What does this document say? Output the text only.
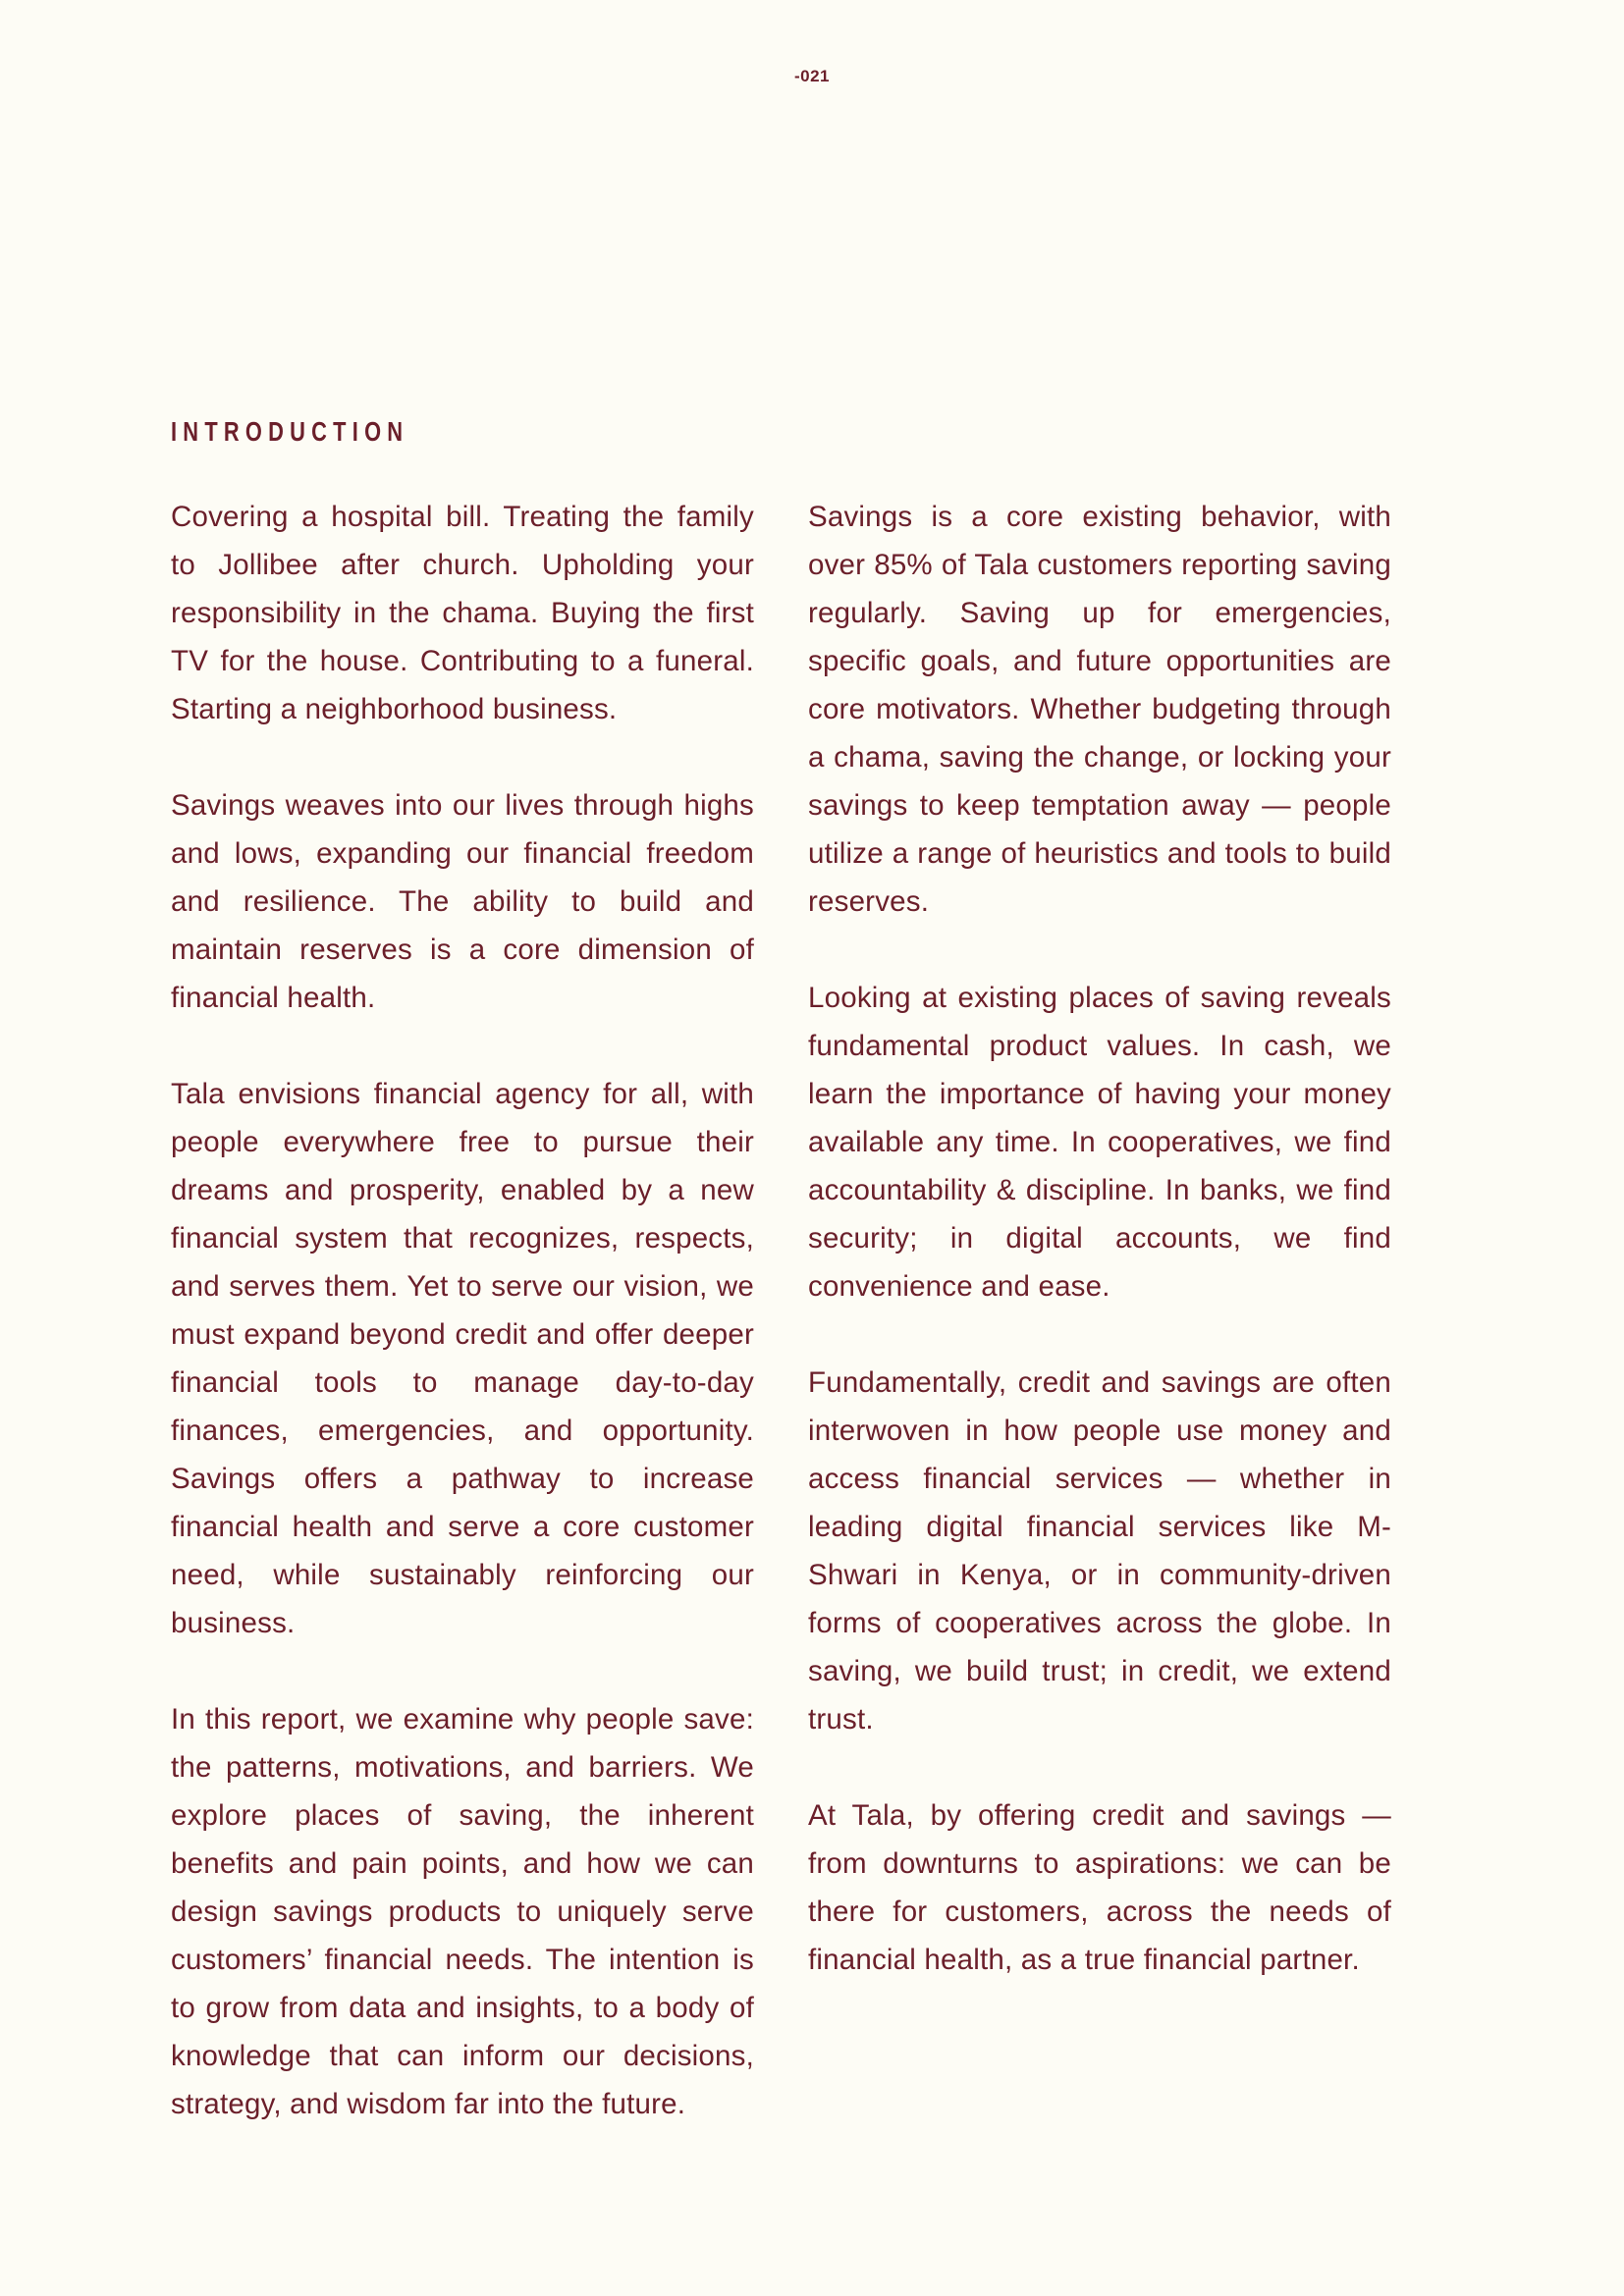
-021
INTRODUCTION

Covering a hospital bill. Treating the family to Jollibee after church. Upholding your responsibility in the chama. Buying the first TV for the house. Contributing to a funeral. Starting a neighborhood business.

Savings weaves into our lives through highs and lows, expanding our financial freedom and resilience. The ability to build and maintain reserves is a core dimension of financial health.

Tala envisions financial agency for all, with people everywhere free to pursue their dreams and prosperity, enabled by a new financial system that recognizes, respects, and serves them. Yet to serve our vision, we must expand beyond credit and offer deeper financial tools to manage day-to-day finances, emergencies, and opportunity. Savings offers a pathway to increase financial health and serve a core customer need, while sustainably reinforcing our business.

In this report, we examine why people save: the patterns, motivations, and barriers. We explore places of saving, the inherent benefits and pain points, and how we can design savings products to uniquely serve customers’ financial needs. The intention is to grow from data and insights, to a body of knowledge that can inform our decisions, strategy, and wisdom far into the future.

Savings is a core existing behavior, with over 85% of Tala customers reporting saving regularly. Saving up for emergencies, specific goals, and future opportunities are core motivators. Whether budgeting through a chama, saving the change, or locking your savings to keep temptation away — people utilize a range of heuristics and tools to build reserves.

Looking at existing places of saving reveals fundamental product values. In cash, we learn the importance of having your money available any time. In cooperatives, we find accountability & discipline. In banks, we find security; in digital accounts, we find convenience and ease.

Fundamentally, credit and savings are often interwoven in how people use money and access financial services — whether in leading digital financial services like M-Shwari in Kenya, or in community-driven forms of cooperatives across the globe. In saving, we build trust; in credit, we extend trust.

At Tala, by offering credit and savings — from downturns to aspirations: we can be there for customers, across the needs of financial health, as a true financial partner.
